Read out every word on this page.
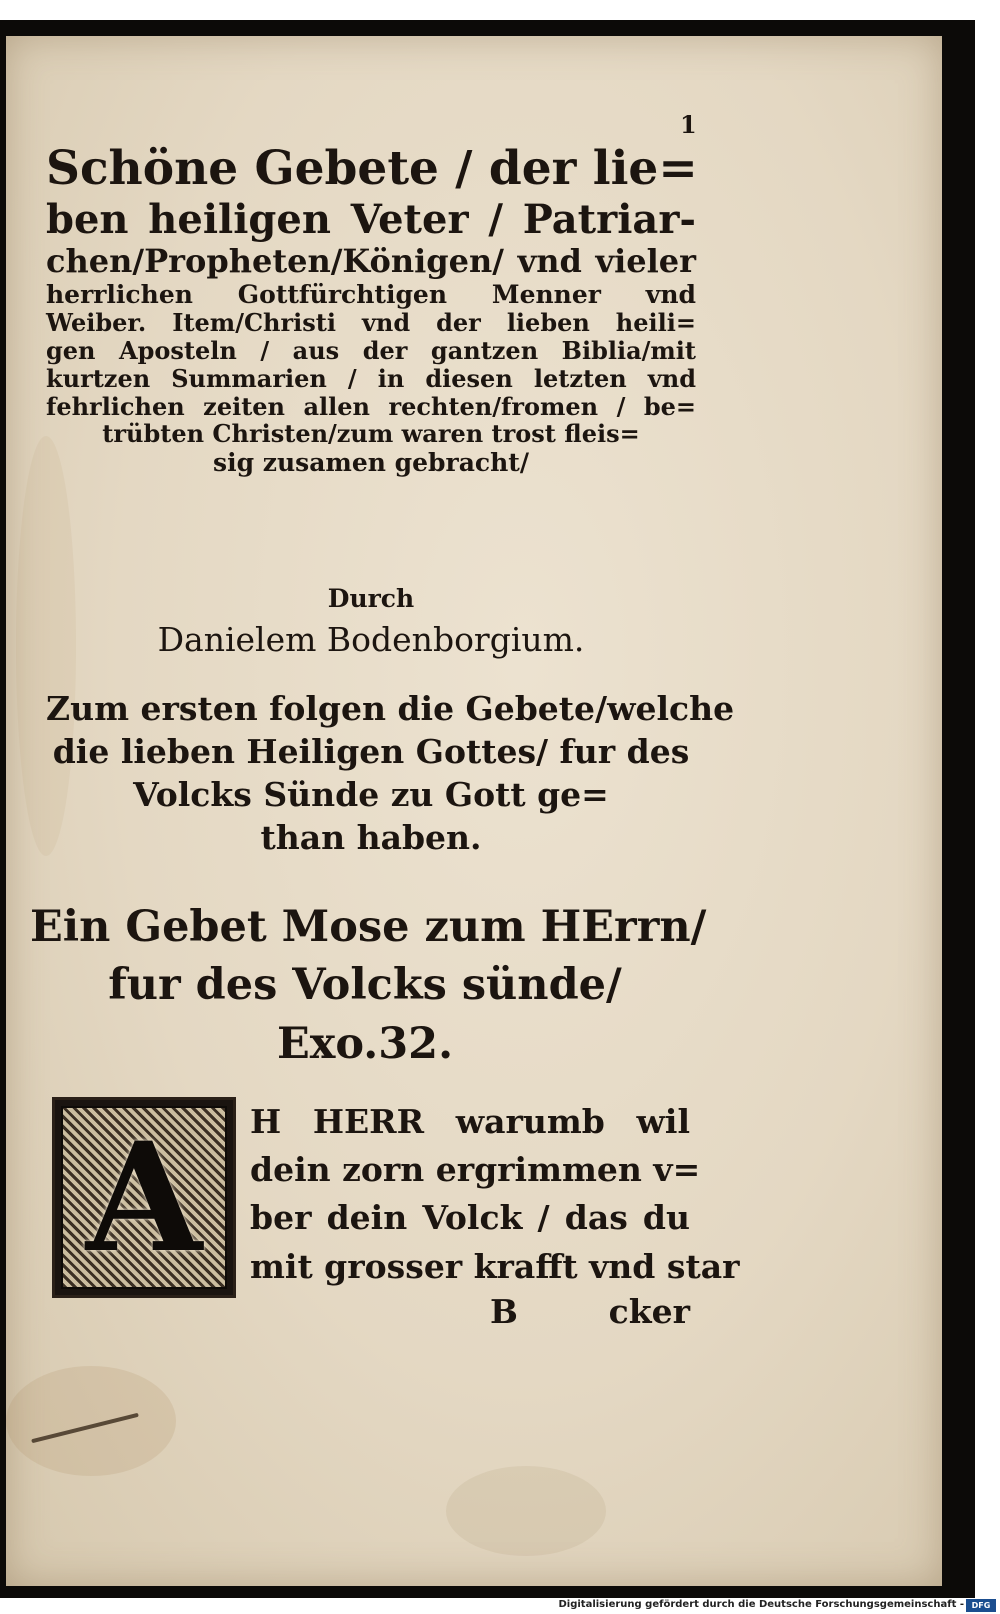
1
Schöne Gebete / der lie=
ben heiligen Veter / Patriar-
chen/Propheten/Königen/ vnd vieler
herrlichen Gottfürchtigen Menner vnd
Weiber. Item/Christi vnd der lieben heili=
gen Aposteln / aus der gantzen Biblia/mit
kurtzen Summarien / in diesen letzten vnd
fehrlichen zeiten allen rechten/fromen / be=
trübten Christen/zum waren trost fleis=
sig zusamen gebracht/
Durch
Danielem Bodenborgium.
Zum ersten folgen die Gebete/welche
die lieben Heiligen Gottes/ fur des
Volcks Sünde zu Gott ge=
than haben.
Ein Gebet Mose zum HErrn/
fur des Volcks sünde/
Exo.32.
A	H HERR warumb wil
dein zorn ergrimmen v=
ber dein Volck / das du
mit grosser krafft vnd star
B	cker
Digitalisierung gefördert durch die Deutsche Forschungsgemeinschaft - DFG
